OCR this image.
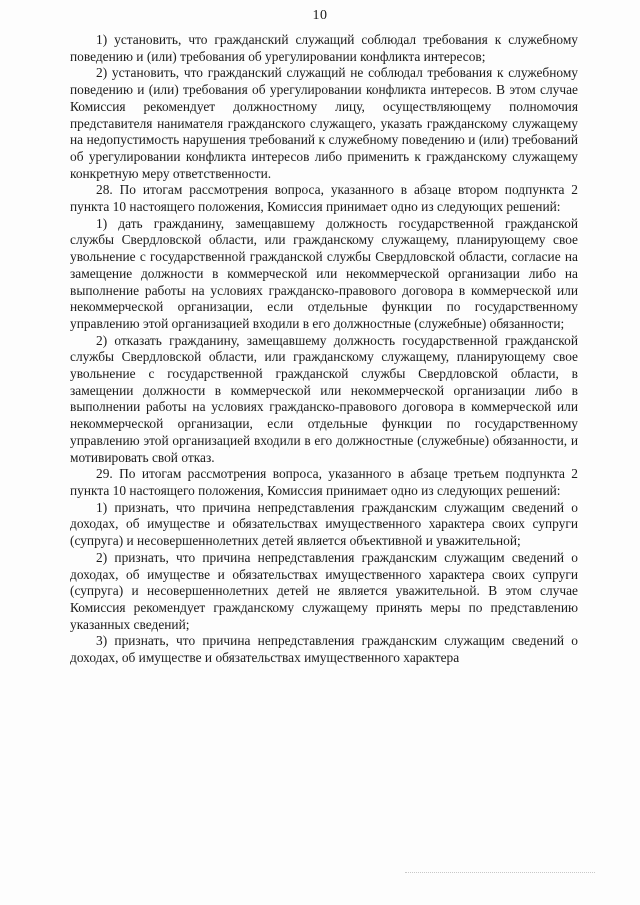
10

1) установить, что гражданский служащий соблюдал требования к служебному поведению и (или) требования об урегулировании конфликта интересов;

2) установить, что гражданский служащий не соблюдал требования к служебному поведению и (или) требования об урегулировании конфликта интересов. В этом случае Комиссия рекомендует должностному лицу, осуществляющему полномочия представителя нанимателя гражданского служащего, указать гражданскому служащему на недопустимость нарушения требований к служебному поведению и (или) требований об урегулировании конфликта интересов либо применить к гражданскому служащему конкретную меру ответственности.

28. По итогам рассмотрения вопроса, указанного в абзаце втором подпункта 2 пункта 10 настоящего положения, Комиссия принимает одно из следующих решений:

1) дать гражданину, замещавшему должность государственной гражданской службы Свердловской области, или гражданскому служащему, планирующему свое увольнение с государственной гражданской службы Свердловской области, согласие на замещение должности в коммерческой или некоммерческой организации либо на выполнение работы на условиях гражданско-правового договора в коммерческой или некоммерческой организации, если отдельные функции по государственному управлению этой организацией входили в его должностные (служебные) обязанности;

2) отказать гражданину, замещавшему должность государственной гражданской службы Свердловской области, или гражданскому служащему, планирующему свое увольнение с государственной гражданской службы Свердловской области, в замещении должности в коммерческой или некоммерческой организации либо в выполнении работы на условиях гражданско-правового договора в коммерческой или некоммерческой организации, если отдельные функции по государственному управлению этой организацией входили в его должностные (служебные) обязанности, и мотивировать свой отказ.

29. По итогам рассмотрения вопроса, указанного в абзаце третьем подпункта 2 пункта 10 настоящего положения, Комиссия принимает одно из следующих решений:

1) признать, что причина непредставления гражданским служащим сведений о доходах, об имуществе и обязательствах имущественного характера своих супруги (супруга) и несовершеннолетних детей является объективной и уважительной;

2) признать, что причина непредставления гражданским служащим сведений о доходах, об имуществе и обязательствах имущественного характера своих супруги (супруга) и несовершеннолетних детей не является уважительной. В этом случае Комиссия рекомендует гражданскому служащему принять меры по представлению указанных сведений;

3) признать, что причина непредставления гражданским служащим сведений о доходах, об имуществе и обязательствах имущественного характера
